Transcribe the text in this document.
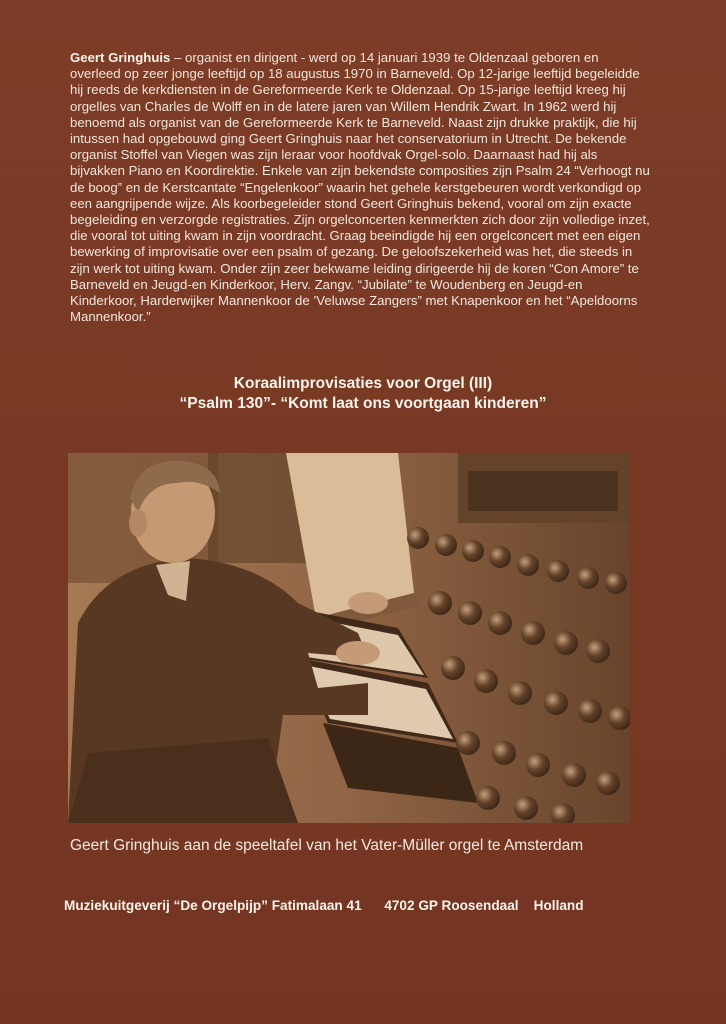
Geert Gringhuis – organist en dirigent - werd op 14 januari 1939 te Oldenzaal geboren en overleed op zeer jonge leeftijd op 18 augustus 1970 in Barneveld. Op 12-jarige leeftijd begeleidde hij reeds de kerkdiensten in de Gereformeerde Kerk te Oldenzaal. Op 15-jarige leeftijd kreeg hij orgelles van Charles de Wolff en in de latere jaren van Willem Hendrik Zwart. In 1962 werd hij benoemd als organist van de Gereformeerde Kerk te Barneveld. Naast zijn drukke praktijk, die hij intussen had opgebouwd ging Geert Gringhuis naar het conservatorium in Utrecht. De bekende organist Stoffel van Viegen was zijn leraar voor hoofdvak Orgel-solo. Daarnaast had hij als bijvakken Piano en Koordirektie. Enkele van zijn bekendste composities zijn Psalm 24 “Verhoogt nu de boog” en de Kerstcantate “Engelenkoor” waarin het gehele kerstgebeuren wordt verkondigd op een aangrijpende wijze. Als koorbegeleider stond Geert Gringhuis bekend, vooral om zijn exacte begeleiding en verzorgde registraties. Zijn orgelconcerten kenmerkten zich door zijn volledige inzet, die vooral tot uiting kwam in zijn voordracht. Graag beeindigde hij een orgelconcert met een eigen bewerking of improvisatie over een psalm of gezang. De geloofszekerheid was het, die steeds in zijn werk tot uiting kwam. Onder zijn zeer bekwame leiding dirigeerde hij de koren “Con Amore” te Barneveld en Jeugd-en Kinderkoor, Herv. Zangv. “Jubilate” te Woudenberg en Jeugd-en Kinderkoor, Harderwijker Mannenkoor de ’Veluwse Zangers” met Knapenkoor en het “Apeldoorns Mannenkoor.”
Koraalimprovisaties voor Orgel (III)
“Psalm 130”- “Komt laat ons voortgaan kinderen”
Geert Gringhuis aan de speeltafel van het Vater-Müller orgel te Amsterdam
Muziekuitgeverij “De Orgelpijp” Fatimalaan 41 4702 GP Roosendaal Holland
